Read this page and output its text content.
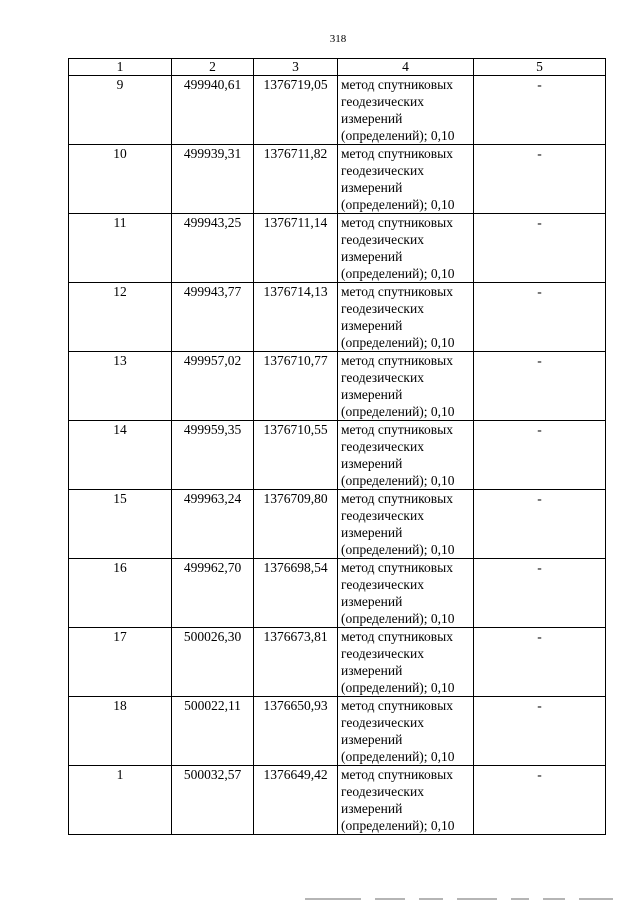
318
1	2	3	4	5
9	499940,61	1376719,05	метод спутниковых
геодезических
измерений
(определений); 0,10	-
10	499939,31	1376711,82	метод спутниковых
геодезических
измерений
(определений); 0,10	-
11	499943,25	1376711,14	метод спутниковых
геодезических
измерений
(определений); 0,10	-
12	499943,77	1376714,13	метод спутниковых
геодезических
измерений
(определений); 0,10	-
13	499957,02	1376710,77	метод спутниковых
геодезических
измерений
(определений); 0,10	-
14	499959,35	1376710,55	метод спутниковых
геодезических
измерений
(определений); 0,10	-
15	499963,24	1376709,80	метод спутниковых
геодезических
измерений
(определений); 0,10	-
16	499962,70	1376698,54	метод спутниковых
геодезических
измерений
(определений); 0,10	-
17	500026,30	1376673,81	метод спутниковых
геодезических
измерений
(определений); 0,10	-
18	500022,11	1376650,93	метод спутниковых
геодезических
измерений
(определений); 0,10	-
1	500032,57	1376649,42	метод спутниковых
геодезических
измерений
(определений); 0,10	-
